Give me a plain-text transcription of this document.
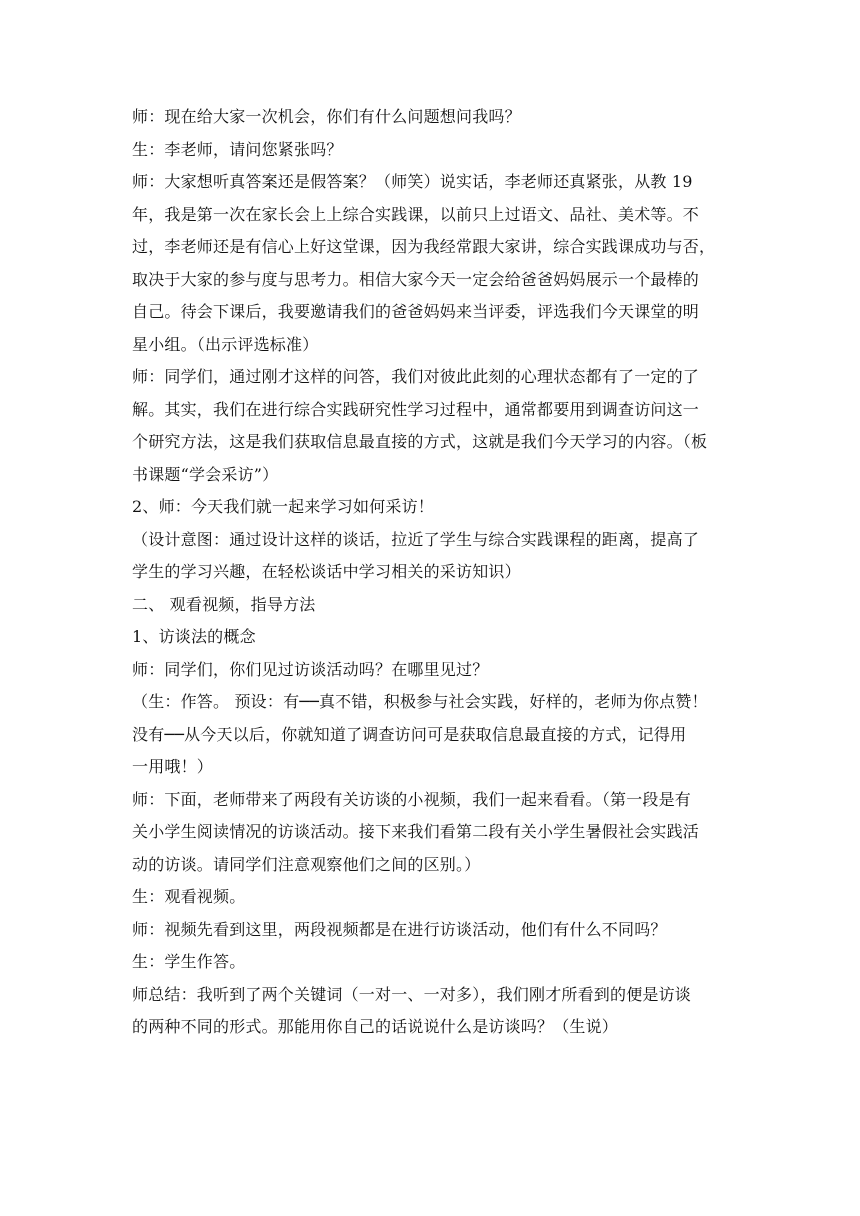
师：现在给大家一次机会，你们有什么问题想问我吗？

生：李老师，请问您紧张吗？

师：大家想听真答案还是假答案？（师笑）说实话，李老师还真紧张，从教 19
年，我是第一次在家长会上上综合实践课，以前只上过语文、品社、美术等。不
过，李老师还是有信心上好这堂课，因为我经常跟大家讲，综合实践课成功与否，
取决于大家的参与度与思考力。相信大家今天一定会给爸爸妈妈展示一个最棒的
自己。待会下课后，我要邀请我们的爸爸妈妈来当评委，评选我们今天课堂的明
星小组。（出示评选标准）

师：同学们，通过刚才这样的问答，我们对彼此此刻的心理状态都有了一定的了
解。其实，我们在进行综合实践研究性学习过程中，通常都要用到调查访问这一
个研究方法，这是我们获取信息最直接的方式，这就是我们今天学习的内容。（板
书课题“学会采访”）

2、师：今天我们就一起来学习如何采访！

（设计意图：通过设计这样的谈话，拉近了学生与综合实践课程的距离，提高了
学生的学习兴趣，在轻松谈话中学习相关的采访知识）

二、 观看视频，指导方法

1、访谈法的概念

师：同学们，你们见过访谈活动吗？在哪里见过？

（生：作答。 预设：有──真不错，积极参与社会实践，好样的，老师为你点赞！
没有──从今天以后，你就知道了调查访问可是获取信息最直接的方式，记得用
一用哦！）

师：下面，老师带来了两段有关访谈的小视频，我们一起来看看。（第一段是有
关小学生阅读情况的访谈活动。接下来我们看第二段有关小学生暑假社会实践活
动的访谈。请同学们注意观察他们之间的区别。）

生：观看视频。

师：视频先看到这里，两段视频都是在进行访谈活动，他们有什么不同吗？

生：学生作答。

师总结：我听到了两个关键词（一对一、一对多），我们刚才所看到的便是访谈
的两种不同的形式。那能用你自己的话说说什么是访谈吗？（生说）
